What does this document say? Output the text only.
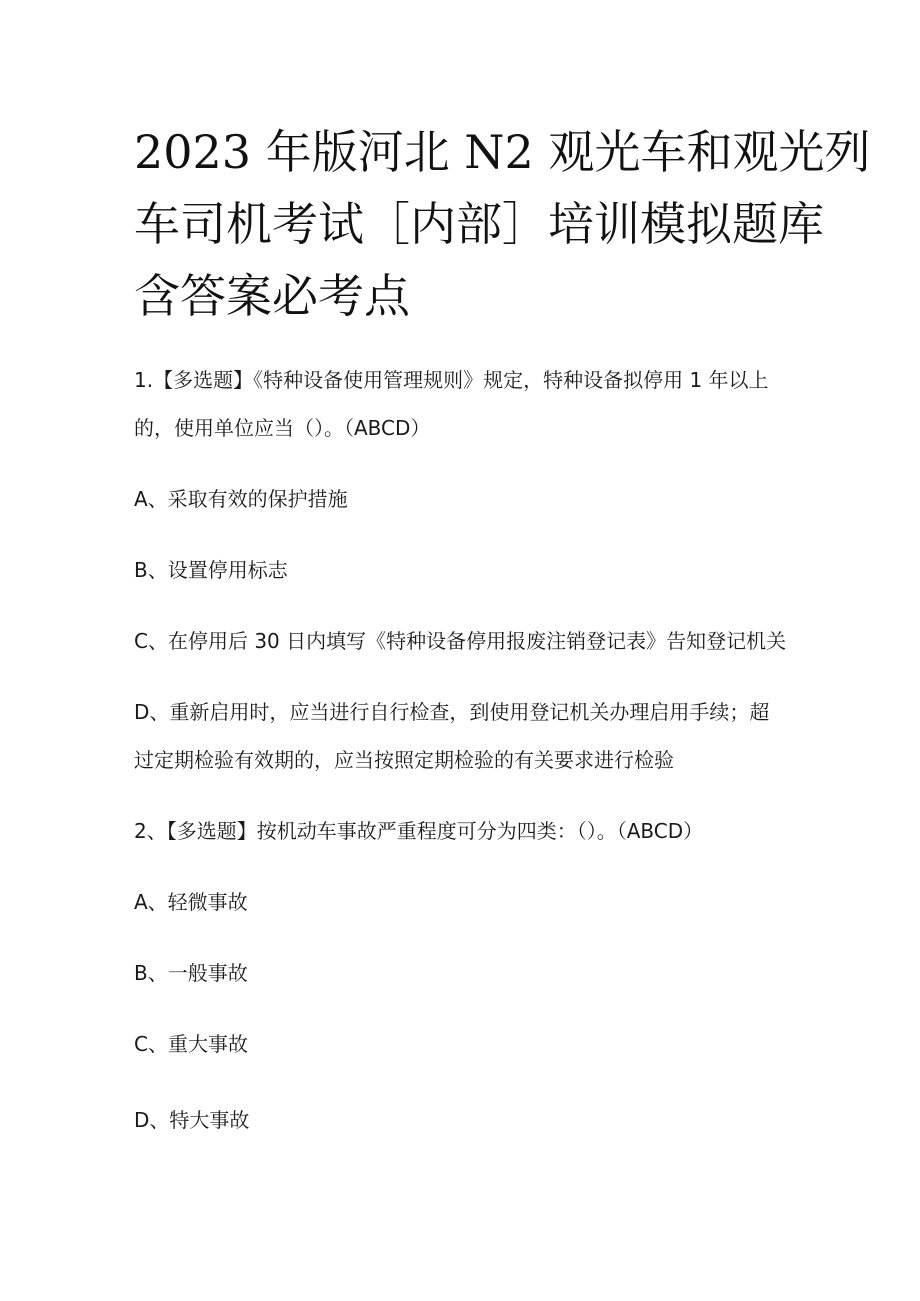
2023 年版河北 N2 观光车和观光列
车司机考试［内部］培训模拟题库
含答案必考点

1.【多选题】《特种设备使用管理规则》规定，特种设备拟停用 1 年以上

的，使用单位应当（）。（ABCD）

A、采取有效的保护措施

B、设置停用标志

C、在停用后 30 日内填写《特种设备停用报废注销登记表》告知登记机关

D、重新启用时，应当进行自行检查，到使用登记机关办理启用手续；超

过定期检验有效期的，应当按照定期检验的有关要求进行检验

2、【多选题】按机动车事故严重程度可分为四类：（）。（ABCD）

A、轻微事故

B、一般事故

C、重大事故

D、特大事故
